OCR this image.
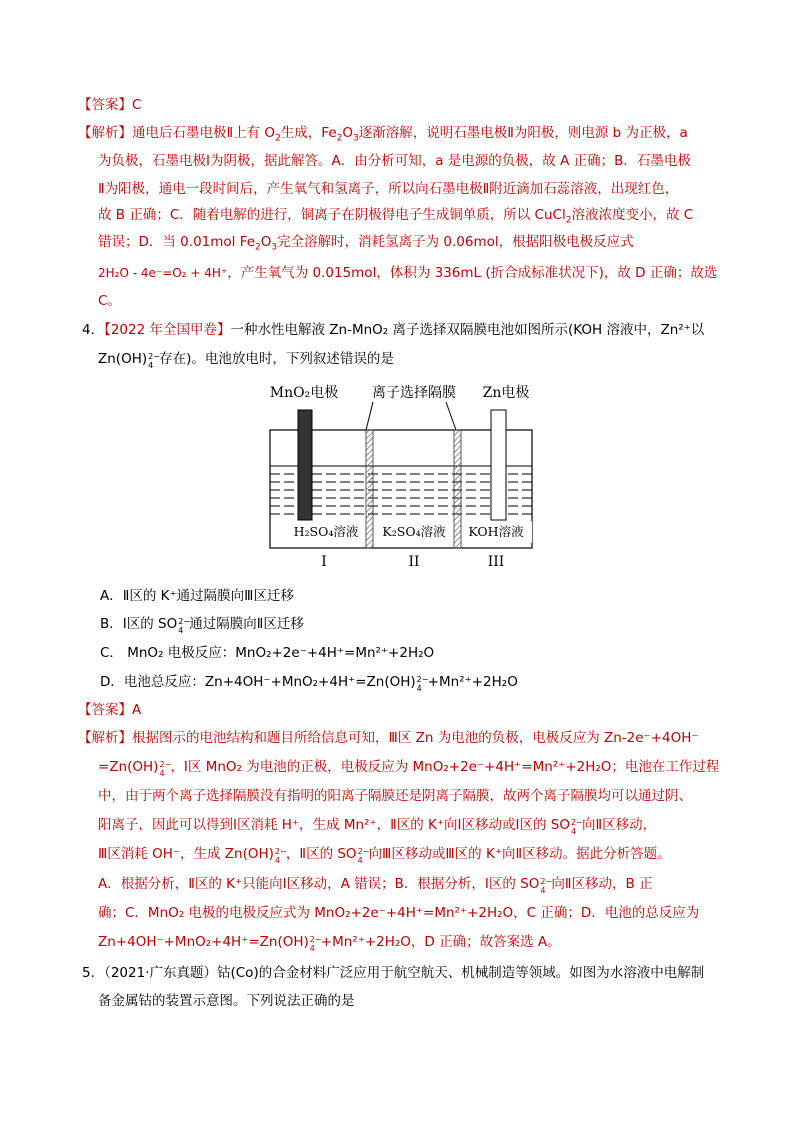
【答案】C
【解析】通电后石墨电极Ⅱ上有 $O_2$生成，$Fe_2O_3$逐渐溶解，说明石墨电极Ⅱ为阳极，则电源 b 为正极，a
为负极，石墨电极Ⅰ为阴极，据此解答。A．由分析可知，a 是电源的负极，故 A 正确；B．石墨电极
Ⅱ为阳极，通电一段时间后，产生氧气和氢离子，所以向石墨电极Ⅱ附近滴加石蕊溶液，出现红色，
故 B 正确；C．随着电解的进行，铜离子在阴极得电子生成铜单质，所以 CuCl$_2$溶液浓度变小，故 C
错误；D．当 0.01mol $Fe_2O_3$完全溶解时，消耗氢离子为 0.06mol，根据阳极电极反应式
2H₂O - 4e⁻=O₂ + 4H⁺，产生氧气为 0.015mol，体积为 336mL (折合成标准状况下)，故 D 正确；故选
C。
4．【2022 年全国甲卷】一种水性电解液 Zn-MnO₂ 离子选择双隔膜电池如图所示(KOH 溶液中，Zn²⁺以
Zn(OH) 2−
4 存在)。电池放电时，下列叙述错误的是
MnO₂电极 离子选择隔膜 Zn电极
H₂SO₄溶液 K₂SO₄溶液 KOH溶液
I	II	III
A．Ⅱ区的 K⁺通过隔膜向Ⅲ区迁移
B．Ⅰ区的 SO 2−
4 通过隔膜向Ⅱ区迁移
C． MnO₂ 电极反应：MnO₂+2e⁻+4H⁺=Mn²⁺+2H₂O
D．电池总反应：Zn+4OH⁻+MnO₂+4H⁺=Zn(OH) 2−
4 +Mn²⁺+2H₂O
【答案】A
【解析】根据图示的电池结构和题目所给信息可知，Ⅲ区 Zn 为电池的负极，电极反应为 Zn-2e⁻+4OH⁻
=Zn(OH) 2−
4 ，Ⅰ区 MnO₂ 为电池的正极，电极反应为 MnO₂+2e⁻+4H⁺=Mn²⁺+2H₂O；电池在工作过程
中，由于两个离子选择隔膜没有指明的阳离子隔膜还是阴离子隔膜，故两个离子隔膜均可以通过阴、
阳离子，因此可以得到Ⅰ区消耗 H⁺，生成 Mn²⁺，Ⅱ区的 K⁺向Ⅰ区移动或Ⅰ区的 SO 2−
4 向Ⅱ区移动，
Ⅲ区消耗 OH⁻，生成 Zn(OH) 2−
4 ，Ⅱ区的 SO 2−
4 向Ⅲ区移动或Ⅲ区的 K⁺向Ⅱ区移动。据此分析答题。
A．根据分析，Ⅱ区的 K⁺只能向Ⅰ区移动，A 错误；B．根据分析，Ⅰ区的 SO 2−
4 向Ⅱ区移动，B 正
确；C．MnO₂ 电极的电极反应式为 MnO₂+2e⁻+4H⁺=Mn²⁺+2H₂O，C 正确；D．电池的总反应为
Zn+4OH⁻+MnO₂+4H⁺=Zn(OH) 2−
4 +Mn²⁺+2H₂O，D 正确；故答案选 A。
5．（2021·广东真题）钴(Co)的合金材料广泛应用于航空航天、机械制造等领域。如图为水溶液中电解制
备金属钴的装置示意图。下列说法正确的是
